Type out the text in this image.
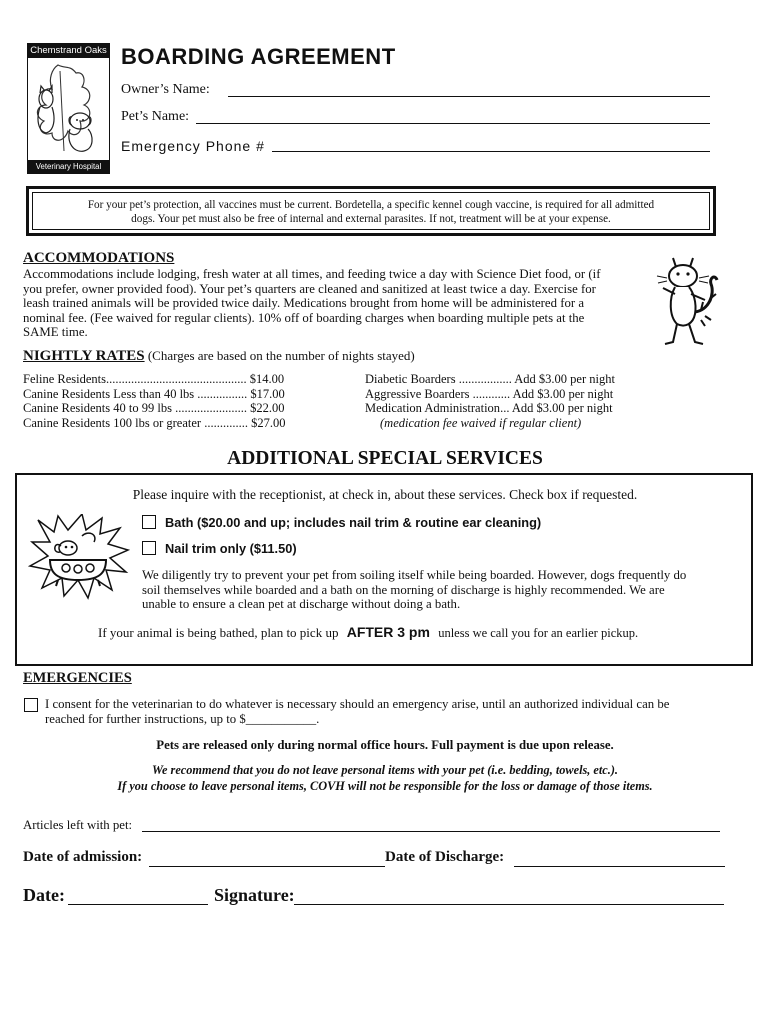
Chemstrand Oaks
Veterinary Hospital
BOARDING AGREEMENT
Owner’s Name:
Pet’s Name:
Emergency Phone #
For your pet’s protection, all vaccines must be current. Bordetella, a specific kennel cough vaccine, is required for all admitted
dogs. Your pet must also be free of internal and external parasites. If not, treatment will be at your expense.
ACCOMMODATIONS
Accommodations include lodging, fresh water at all times, and feeding twice a day with Science Diet food, or (if
you prefer, owner provided food). Your pet’s quarters are cleaned and sanitized at least twice a day. Exercise for
leash trained animals will be provided twice daily. Medications brought from home will be administered for a
nominal fee. (Fee waived for regular clients). 10% off of boarding charges when boarding multiple pets at the
SAME time.
NIGHTLY RATES (Charges are based on the number of nights stayed)
Feline Residents............................................. $14.00
Canine Residents Less than 40 lbs ................ $17.00
Canine Residents 40 to 99 lbs ....................... $22.00
Canine Residents 100 lbs or greater .............. $27.00
Diabetic Boarders ................. Add $3.00 per night
Aggressive Boarders ............ Add $3.00 per night
Medication Administration... Add $3.00 per night
(medication fee waived if regular client)
ADDITIONAL SPECIAL SERVICES
Please inquire with the receptionist, at check in, about these services. Check box if requested.
Bath ($20.00 and up; includes nail trim & routine ear cleaning)
Nail trim only ($11.50)
We diligently try to prevent your pet from soiling itself while being boarded. However, dogs frequently do
soil themselves while boarded and a bath on the morning of discharge is highly recommended. We are
unable to ensure a clean pet at discharge without doing a bath.
If your animal is being bathed, plan to pick up AFTER 3 pm unless we call you for an earlier pickup.
EMERGENCIES
I consent for the veterinarian to do whatever is necessary should an emergency arise, until an authorized individual can be
reached for further instructions, up to $___________.
Pets are released only during normal office hours. Full payment is due upon release.
We recommend that you do not leave personal items with your pet (i.e. bedding, towels, etc.).
If you choose to leave personal items, COVH will not be responsible for the loss or damage of those items.
Articles left with pet:
Date of admission:	Date of Discharge:
Date:	Signature:
